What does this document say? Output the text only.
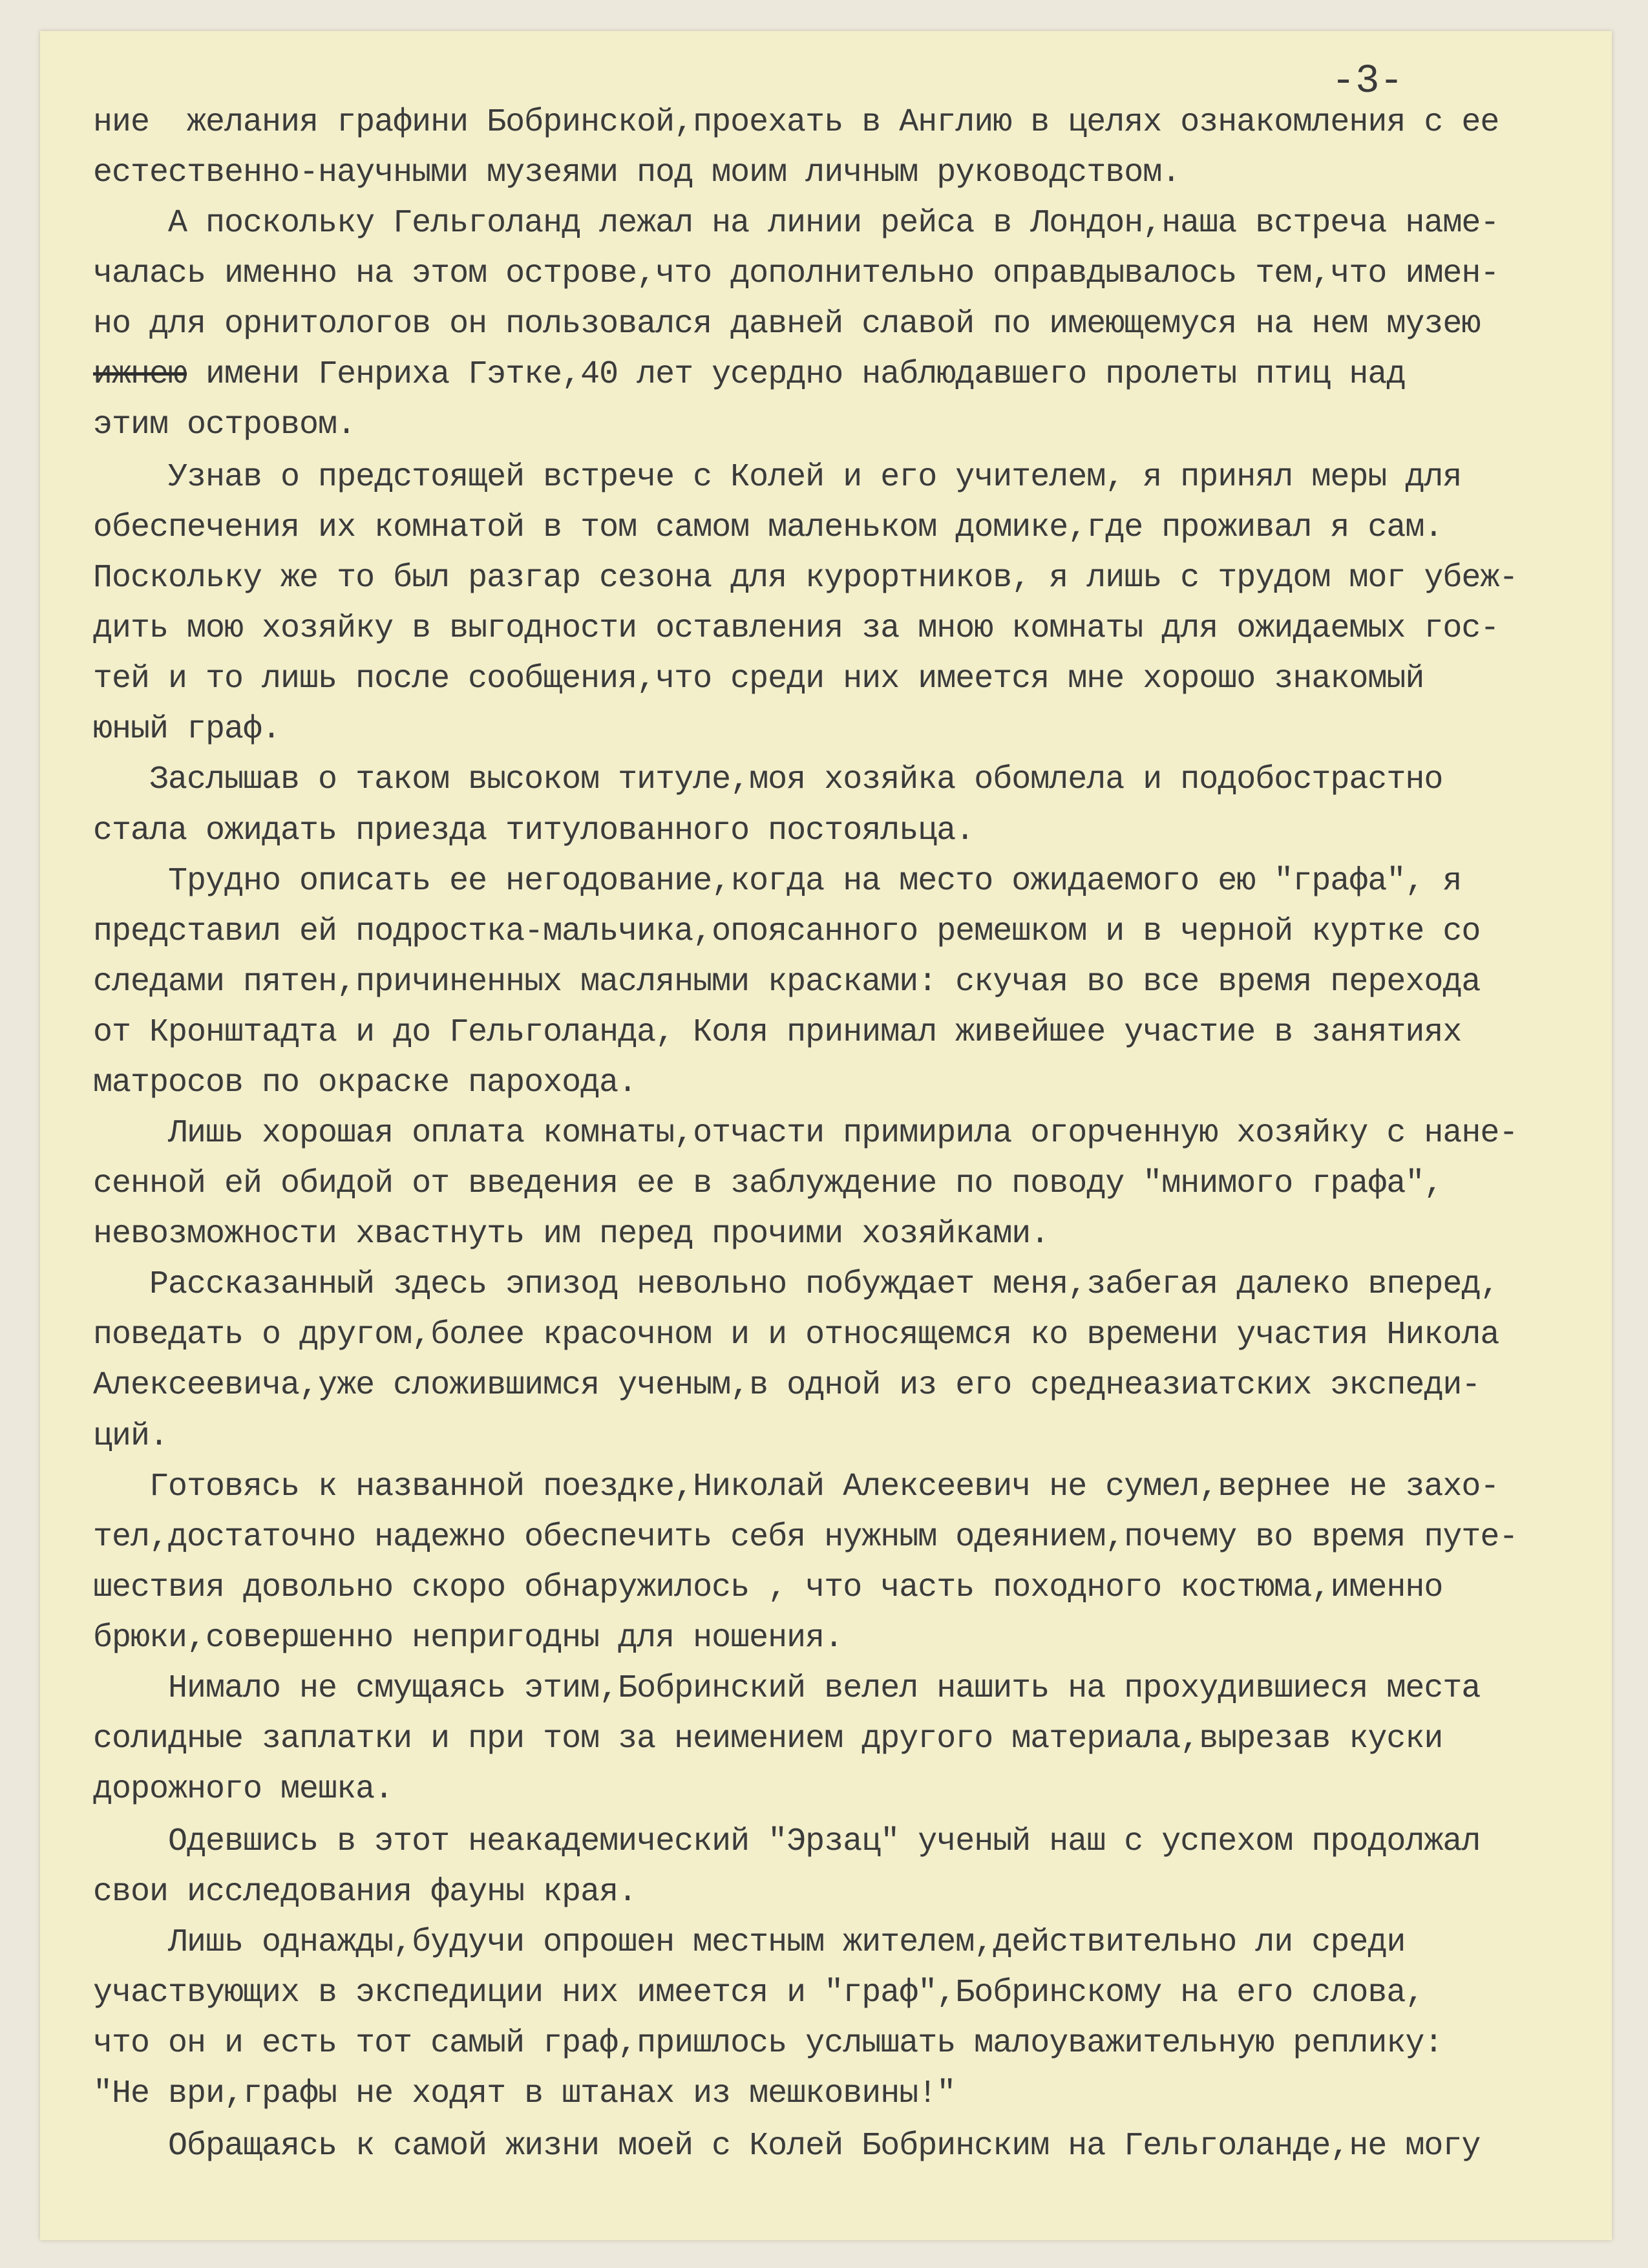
-3-
ние  желания графини Бобринской,проехать в Англию в целях ознакомления с ее
естественно-научными музеями под моим личным руководством.
А поскольку Гельголанд лежал на линии рейса в Лондон,наша встреча наме-
чалась именно на этом острове,что дополнительно оправдывалось тем,что имен-
но для орнитологов он пользовался давней славой по имеющемуся на нем музею
ижнею имени Генриха Гэтке,40 лет усердно наблюдавшего пролеты птиц над
этим островом.
Узнав о предстоящей встрече с Колей и его учителем, я принял меры для
обеспечения их комнатой в том самом маленьком домике,где проживал я сам.
Поскольку же то был разгар сезона для курортников, я лишь с трудом мог убеж-
дить мою хозяйку в выгодности оставления за мною комнаты для ожидаемых гос-
тей и то лишь после сообщения,что среди них имеется мне хорошо знакомый
юный граф.
Заслышав о таком высоком титуле,моя хозяйка обомлела и подобострастно
стала ожидать приезда титулованного постояльца.
Трудно описать ее негодование,когда на место ожидаемого ею "графа", я
представил ей подростка-мальчика,опоясанного ремешком и в черной куртке со
следами пятен,причиненных масляными красками: скучая во все время перехода
от Кронштадта и до Гельголанда, Коля принимал живейшее участие в занятиях
матросов по окраске парохода.
Лишь хорошая оплата комнаты,отчасти примирила огорченную хозяйку с нане-
сенной ей обидой от введения ее в заблуждение по поводу "мнимого графа",
невозможности хвастнуть им перед прочими хозяйками.
Рассказанный здесь эпизод невольно побуждает меня,забегая далеко вперед,
поведать о другом,более красочном и и относящемся ко времени участия Никола
Алексеевича,уже сложившимся ученым,в одной из его среднеазиатских экспеди-
ций.
Готовясь к названной поездке,Николай Алексеевич не сумел,вернее не захо-
тел,достаточно надежно обеспечить себя нужным одеянием,почему во время путе-
шествия довольно скоро обнаружилось , что часть походного костюма,именно
брюки,совершенно непригодны для ношения.
Нимало не смущаясь этим,Бобринский велел нашить на прохудившиеся места
солидные заплатки и при том за неимением другого материала,вырезав куски
дорожного мешка.
Одевшись в этот неакадемический "Эрзац" ученый наш с успехом продолжал
свои исследования фауны края.
Лишь однажды,будучи опрошен местным жителем,действительно ли среди
участвующих в экспедиции них имеется и "граф",Бобринскому на его слова,
что он и есть тот самый граф,пришлось услышать малоуважительную реплику:
"Не ври,графы не ходят в штанах из мешковины!"
Обращаясь к самой жизни моей с Колей Бобринским на Гельголанде,не могу
